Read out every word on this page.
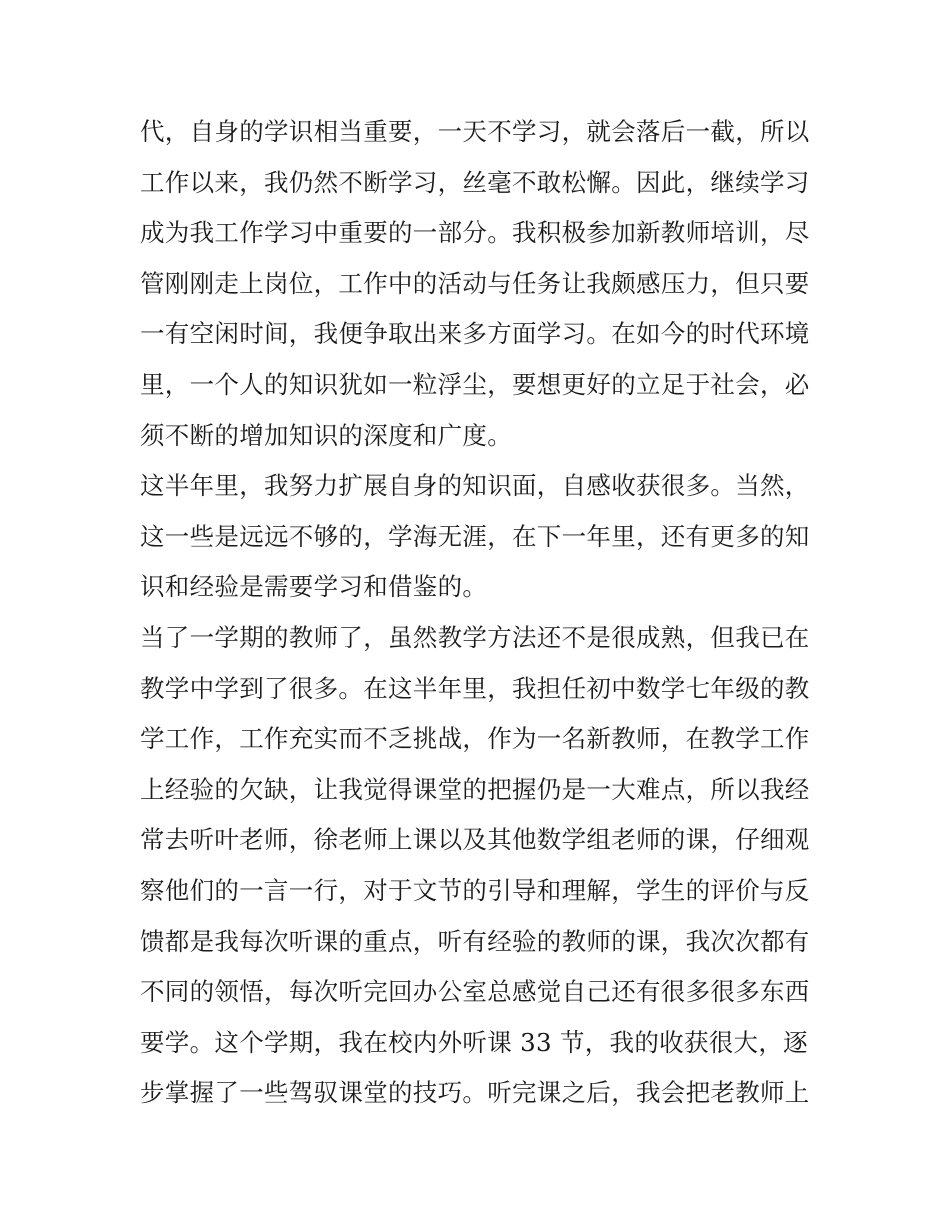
代，自身的学识相当重要，一天不学习，就会落后一截，所以
工作以来，我仍然不断学习，丝毫不敢松懈。因此，继续学习
成为我工作学习中重要的一部分。我积极参加新教师培训，尽
管刚刚走上岗位，工作中的活动与任务让我颇感压力，但只要
一有空闲时间，我便争取出来多方面学习。在如今的时代环境
里，一个人的知识犹如一粒浮尘，要想更好的立足于社会，必
须不断的增加知识的深度和广度。
这半年里，我努力扩展自身的知识面，自感收获很多。当然，
这一些是远远不够的，学海无涯，在下一年里，还有更多的知
识和经验是需要学习和借鉴的。
当了一学期的教师了，虽然教学方法还不是很成熟，但我已在
教学中学到了很多。在这半年里，我担任初中数学七年级的教
学工作，工作充实而不乏挑战，作为一名新教师，在教学工作
上经验的欠缺，让我觉得课堂的把握仍是一大难点，所以我经
常去听叶老师，徐老师上课以及其他数学组老师的课，仔细观
察他们的一言一行，对于文节的引导和理解，学生的评价与反
馈都是我每次听课的重点，听有经验的教师的课，我次次都有
不同的领悟，每次听完回办公室总感觉自己还有很多很多东西
要学。这个学期，我在校内外听课 33 节，我的收获很大，逐
步掌握了一些驾驭课堂的技巧。听完课之后，我会把老教师上
